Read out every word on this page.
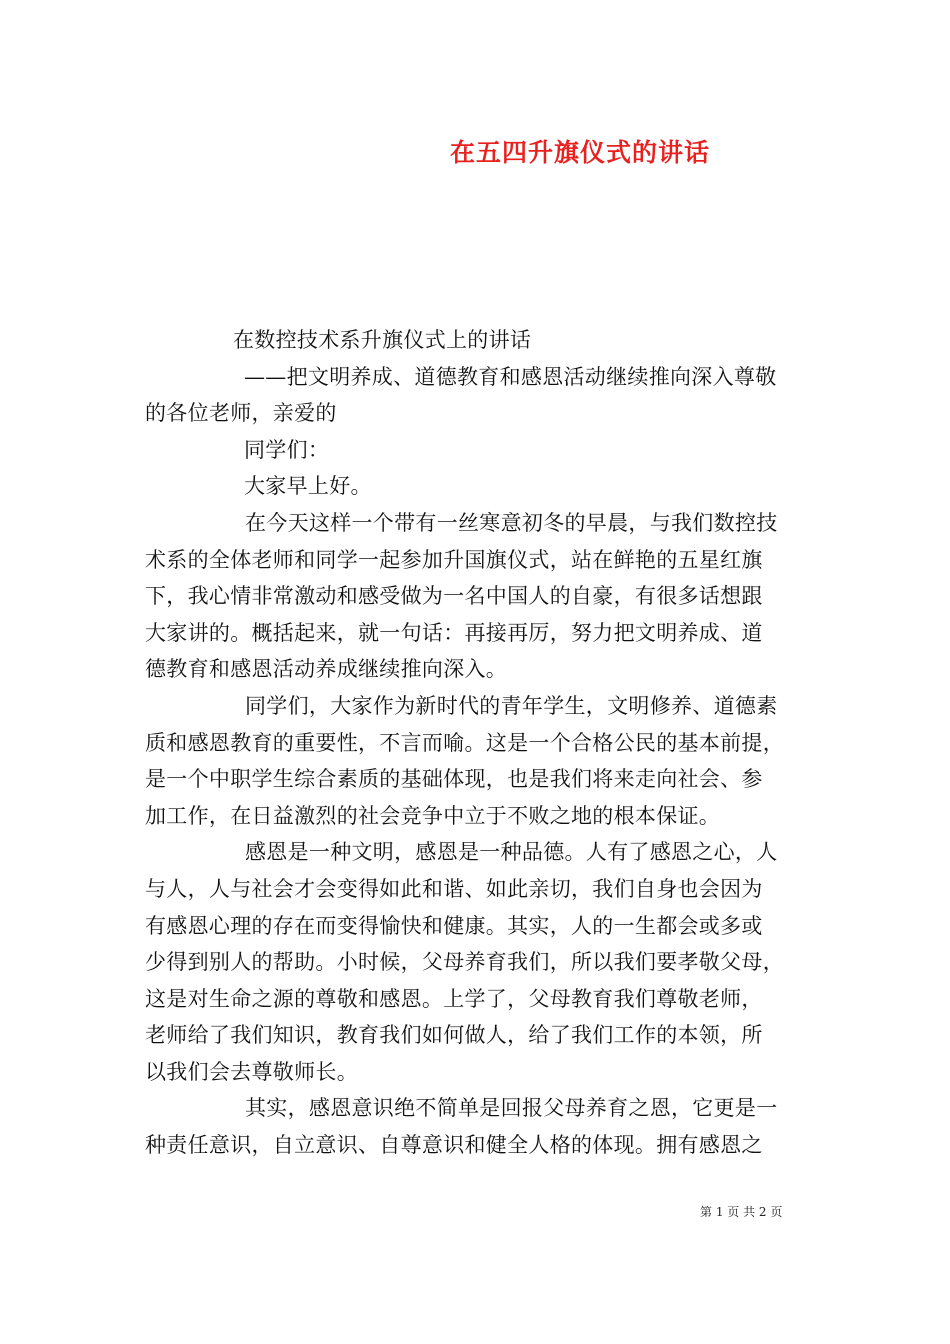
在五四升旗仪式的讲话
在数控技术系升旗仪式上的讲话
——把文明养成、道德教育和感恩活动继续推向深入尊敬
的各位老师，亲爱的
同学们：
大家早上好。
在今天这样一个带有一丝寒意初冬的早晨，与我们数控技
术系的全体老师和同学一起参加升国旗仪式，站在鲜艳的五星红旗
下，我心情非常激动和感受做为一名中国人的自豪，有很多话想跟
大家讲的。概括起来，就一句话：再接再厉，努力把文明养成、道
德教育和感恩活动养成继续推向深入。
同学们，大家作为新时代的青年学生，文明修养、道德素
质和感恩教育的重要性，不言而喻。这是一个合格公民的基本前提，
是一个中职学生综合素质的基础体现，也是我们将来走向社会、参
加工作，在日益激烈的社会竞争中立于不败之地的根本保证。
感恩是一种文明，感恩是一种品德。人有了感恩之心，人
与人，人与社会才会变得如此和谐、如此亲切，我们自身也会因为
有感恩心理的存在而变得愉快和健康。其实，人的一生都会或多或
少得到别人的帮助。小时候，父母养育我们，所以我们要孝敬父母，
这是对生命之源的尊敬和感恩。上学了，父母教育我们尊敬老师，
老师给了我们知识，教育我们如何做人，给了我们工作的本领，所
以我们会去尊敬师长。
其实，感恩意识绝不简单是回报父母养育之恩，它更是一
种责任意识，自立意识、自尊意识和健全人格的体现。拥有感恩之
第 1 页 共 2 页
